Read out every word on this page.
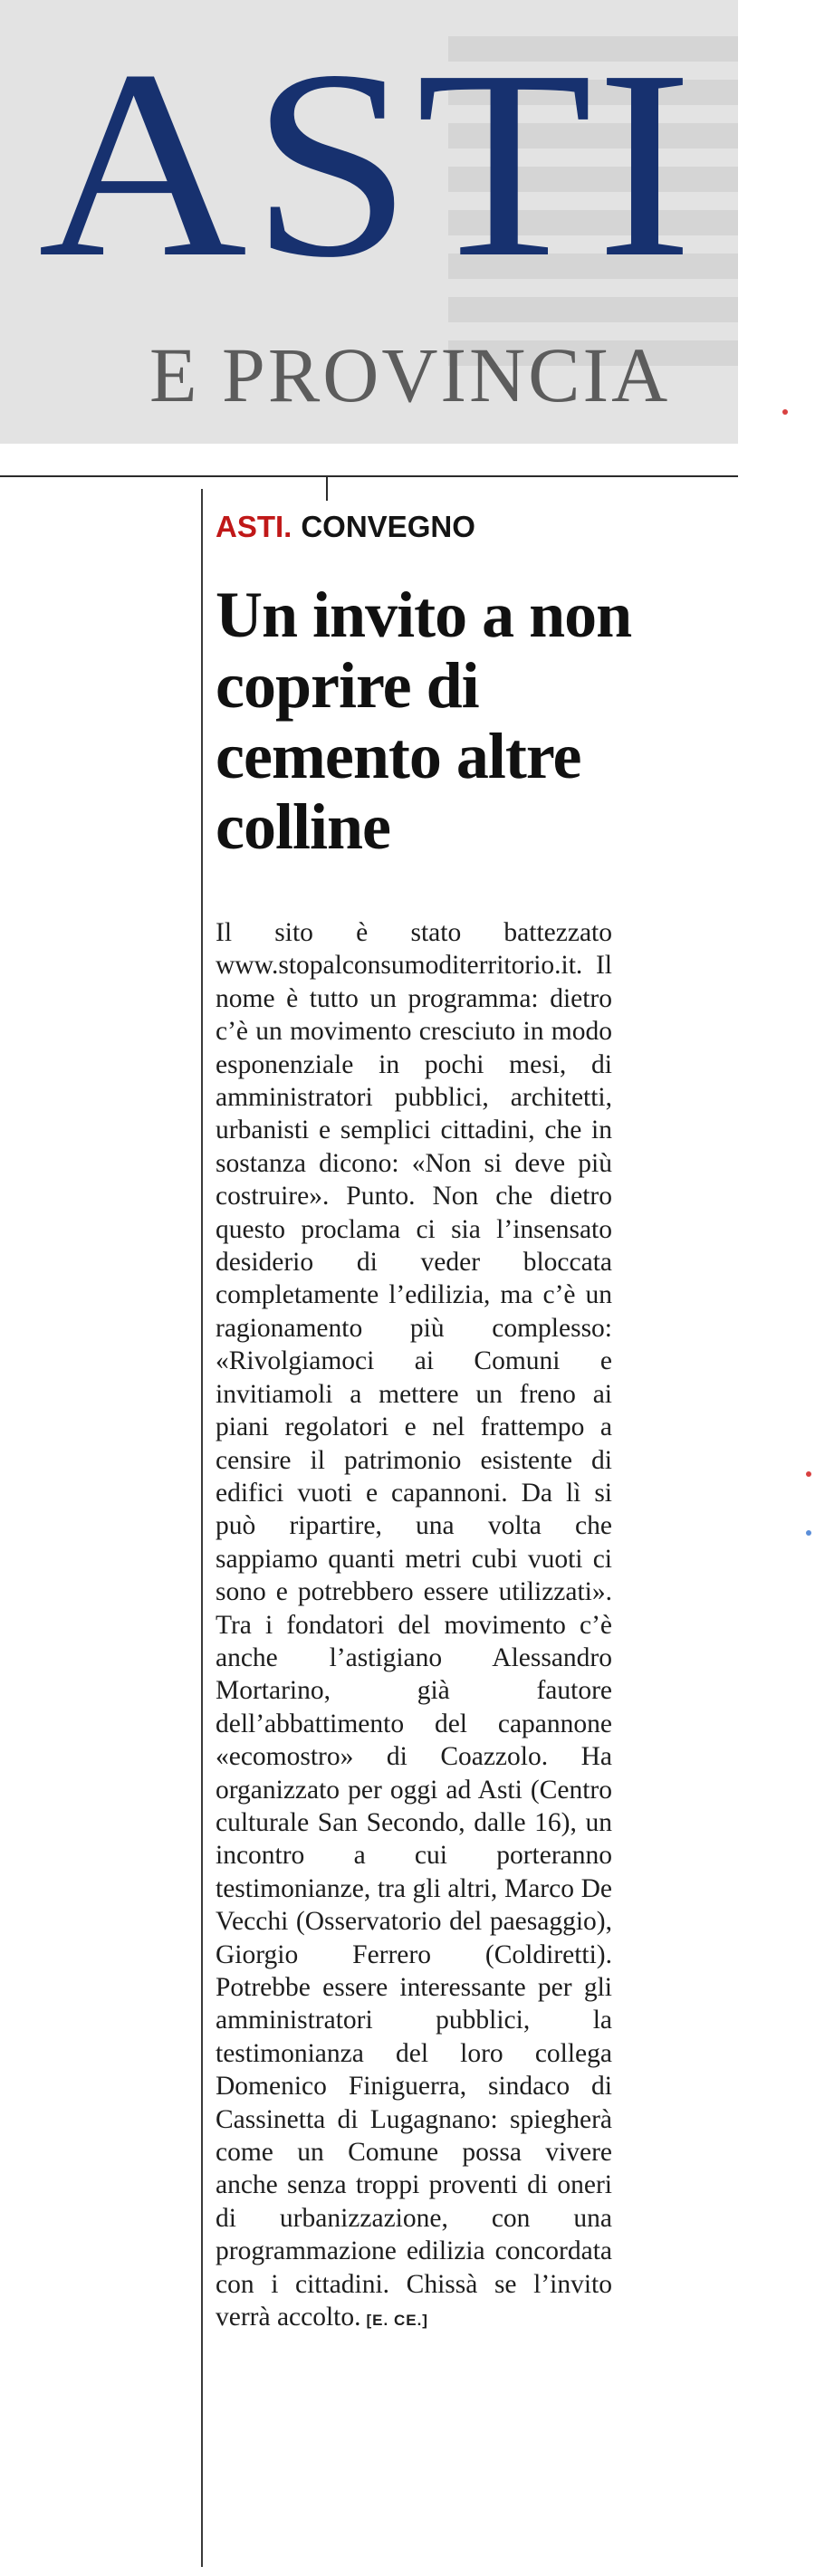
ASTI
E PROVINCIA

ASTI. CONVEGNO

Un invito a non coprire di cemento altre colline

Il sito è stato battezzato www.stopalconsumoditerritorio.it. Il nome è tutto un programma: dietro c’è un movimento cresciuto in modo esponenziale in pochi mesi, di amministratori pubblici, architetti, urbanisti e semplici cittadini, che in sostanza dicono: «Non si deve più costruire». Punto. Non che dietro questo proclama ci sia l’insensato desiderio di veder bloccata completamente l’edilizia, ma c’è un ragionamento più complesso: «Rivolgiamoci ai Comuni e invitiamoli a mettere un freno ai piani regolatori e nel frattempo a censire il patrimonio esistente di edifici vuoti e capannoni. Da lì si può ripartire, una volta che sappiamo quanti metri cubi vuoti ci sono e potrebbero essere utilizzati». Tra i fondatori del movimento c’è anche l’astigiano Alessandro Mortarino, già fautore dell’abbattimento del capannone «ecomostro» di Coazzolo. Ha organizzato per oggi ad Asti (Centro culturale San Secondo, dalle 16), un incontro a cui porteranno testimonianze, tra gli altri, Marco De Vecchi (Osservatorio del paesaggio), Giorgio Ferrero (Coldiretti). Potrebbe essere interessante per gli amministratori pubblici, la testimonianza del loro collega Domenico Finiguerra, sindaco di Cassinetta di Lugagnano: spiegherà come un Comune possa vivere anche senza troppi proventi di oneri di urbanizzazione, con una programmazione edilizia concordata con i cittadini. Chissà se l’invito verrà accolto. [E. CE.]
